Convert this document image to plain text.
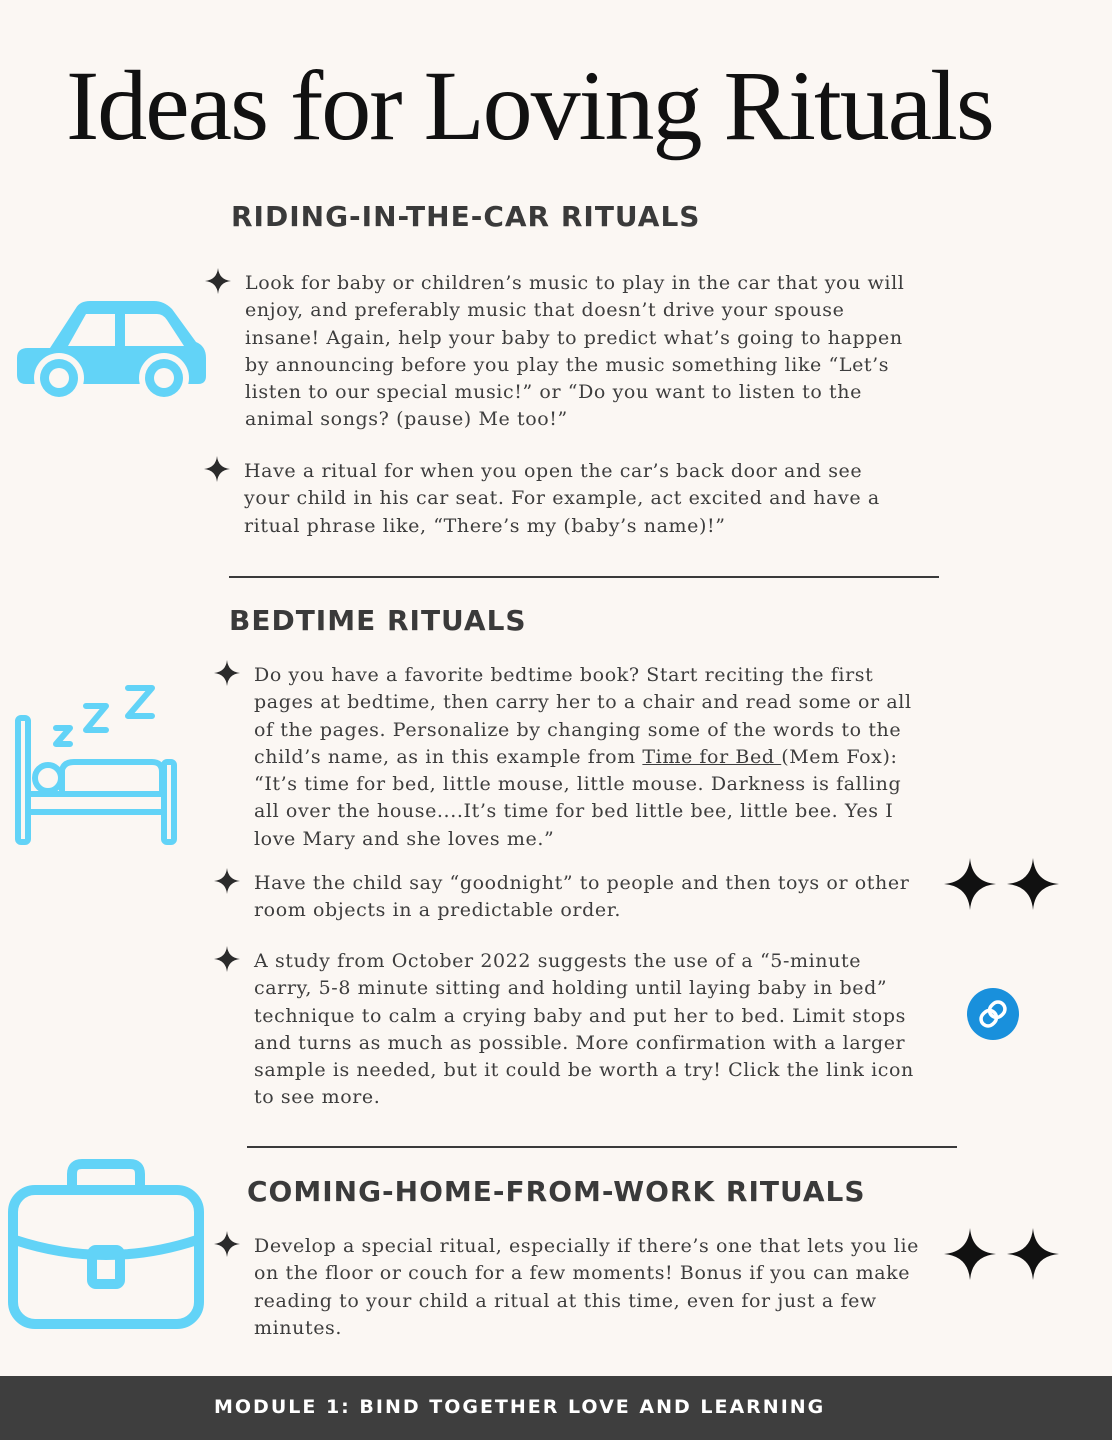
Ideas for Loving Rituals
RIDING-IN-THE-CAR RITUALS
Look for baby or children’s music to play in the car that you will enjoy, and preferably music that doesn’t drive your spouse insane! Again, help your baby to predict what’s going to happen by announcing before you play the music something like “Let’s listen to our special music!” or “Do you want to listen to the animal songs? (pause) Me too!”
Have a ritual for when you open the car’s back door and see your child in his car seat. For example, act excited and have a ritual phrase like, “There’s my (baby’s name)!”
BEDTIME RITUALS
Do you have a favorite bedtime book? Start reciting the first pages at bedtime, then carry her to a chair and read some or all of the pages. Personalize by changing some of the words to the child’s name, as in this example from Time for Bed (Mem Fox): “It’s time for bed, little mouse, little mouse. Darkness is falling all over the house....It’s time for bed little bee, little bee. Yes I love Mary and she loves me.”
Have the child say “goodnight” to people and then toys or other room objects in a predictable order.
A study from October 2022 suggests the use of a “5-minute carry, 5-8 minute sitting and holding until laying baby in bed” technique to calm a crying baby and put her to bed. Limit stops and turns as much as possible. More confirmation with a larger sample is needed, but it could be worth a try! Click the link icon to see more.
COMING-HOME-FROM-WORK RITUALS
Develop a special ritual, especially if there’s one that lets you lie on the floor or couch for a few moments! Bonus if you can make reading to your child a ritual at this time, even for just a few minutes.
MODULE 1: BIND TOGETHER LOVE AND LEARNING
